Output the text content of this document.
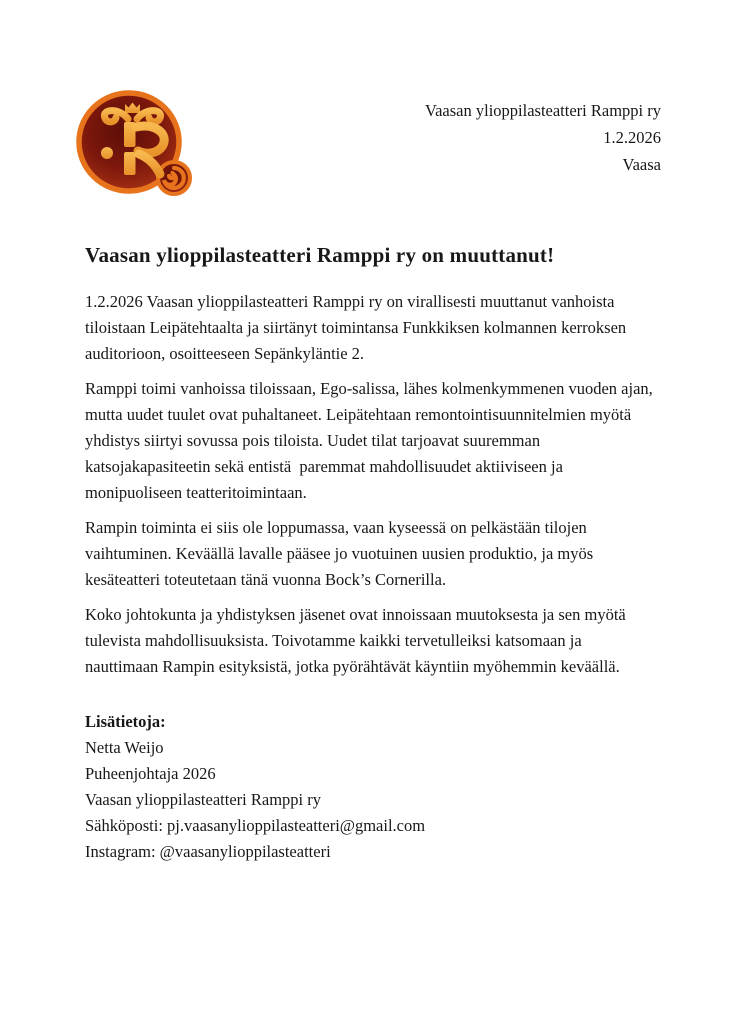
Vaasan ylioppilasteatteri Ramppi ry
1.2.2026
Vaasa
Vaasan ylioppilasteatteri Ramppi ry on muuttanut!

1.2.2026 Vaasan ylioppilasteatteri Ramppi ry on virallisesti muuttanut vanhoista
tiloistaan Leipätehtaalta ja siirtänyt toimintansa Funkkiksen kolmannen kerroksen
auditorioon, osoitteeseen Sepänkyläntie 2.

Ramppi toimi vanhoissa tiloissaan, Ego-salissa, lähes kolmenkymmenen vuoden ajan,
mutta uudet tuulet ovat puhaltaneet. Leipätehtaan remontointisuunnitelmien myötä
yhdistys siirtyi sovussa pois tiloista. Uudet tilat tarjoavat suuremman
katsojakapasiteetin sekä entistä  paremmat mahdollisuudet aktiiviseen ja
monipuoliseen teatteritoimintaan.

Rampin toiminta ei siis ole loppumassa, vaan kyseessä on pelkästään tilojen
vaihtuminen. Keväällä lavalle pääsee jo vuotuinen uusien produktio, ja myös
kesäteatteri toteutetaan tänä vuonna Bock’s Cornerilla.

Koko johtokunta ja yhdistyksen jäsenet ovat innoissaan muutoksesta ja sen myötä
tulevista mahdollisuuksista. Toivotamme kaikki tervetulleiksi katsomaan ja
nauttimaan Rampin esityksistä, jotka pyörähtävät käyntiin myöhemmin keväällä.

Lisätietoja:
Netta Weijo
Puheenjohtaja 2026
Vaasan ylioppilasteatteri Ramppi ry
Sähköposti: pj.vaasanylioppilasteatteri@gmail.com
Instagram: @vaasanylioppilasteatteri
